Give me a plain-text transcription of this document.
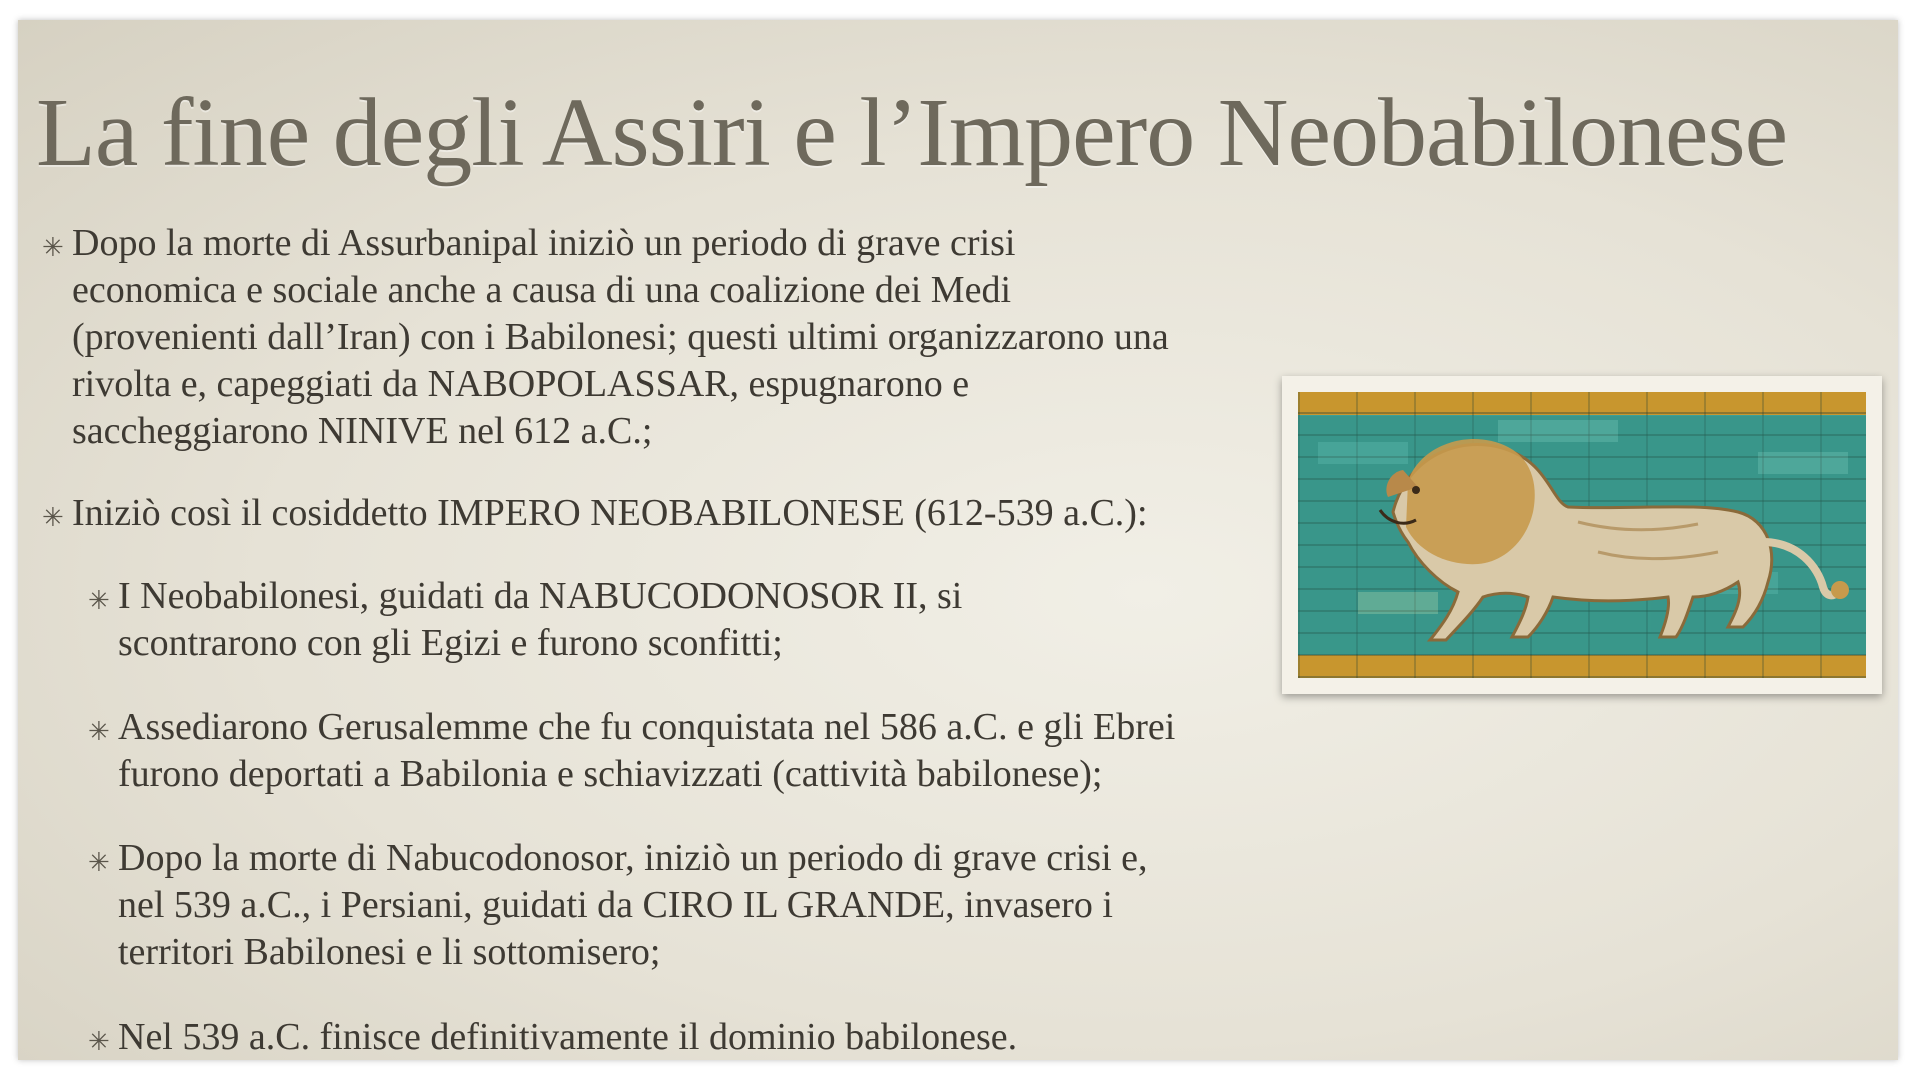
La fine degli Assiri e l’Impero Neobabilonese
✳ Dopo la morte di Assurbanipal iniziò un periodo di grave crisi
economica e sociale anche a causa di una coalizione dei Medi
(provenienti dall’Iran) con i Babilonesi; questi ultimi organizzarono una
rivolta e, capeggiati da NABOPOLASSAR, espugnarono e
saccheggiarono NINIVE nel 612 a.C.;
✳ Iniziò così il cosiddetto IMPERO NEOBABILONESE (612-539 a.C.):
✳ I Neobabilonesi, guidati da NABUCODONOSOR II, si
scontrarono con gli Egizi e furono sconfitti;
✳ Assediarono Gerusalemme che fu conquistata nel 586 a.C. e gli Ebrei
furono deportati a Babilonia e schiavizzati (cattività babilonese);
✳ Dopo la morte di Nabucodonosor, iniziò un periodo di grave crisi e,
nel 539 a.C., i Persiani, guidati da CIRO IL GRANDE, invasero i
territori Babilonesi e li sottomisero;
✳ Nel 539 a.C. finisce definitivamente il dominio babilonese.
